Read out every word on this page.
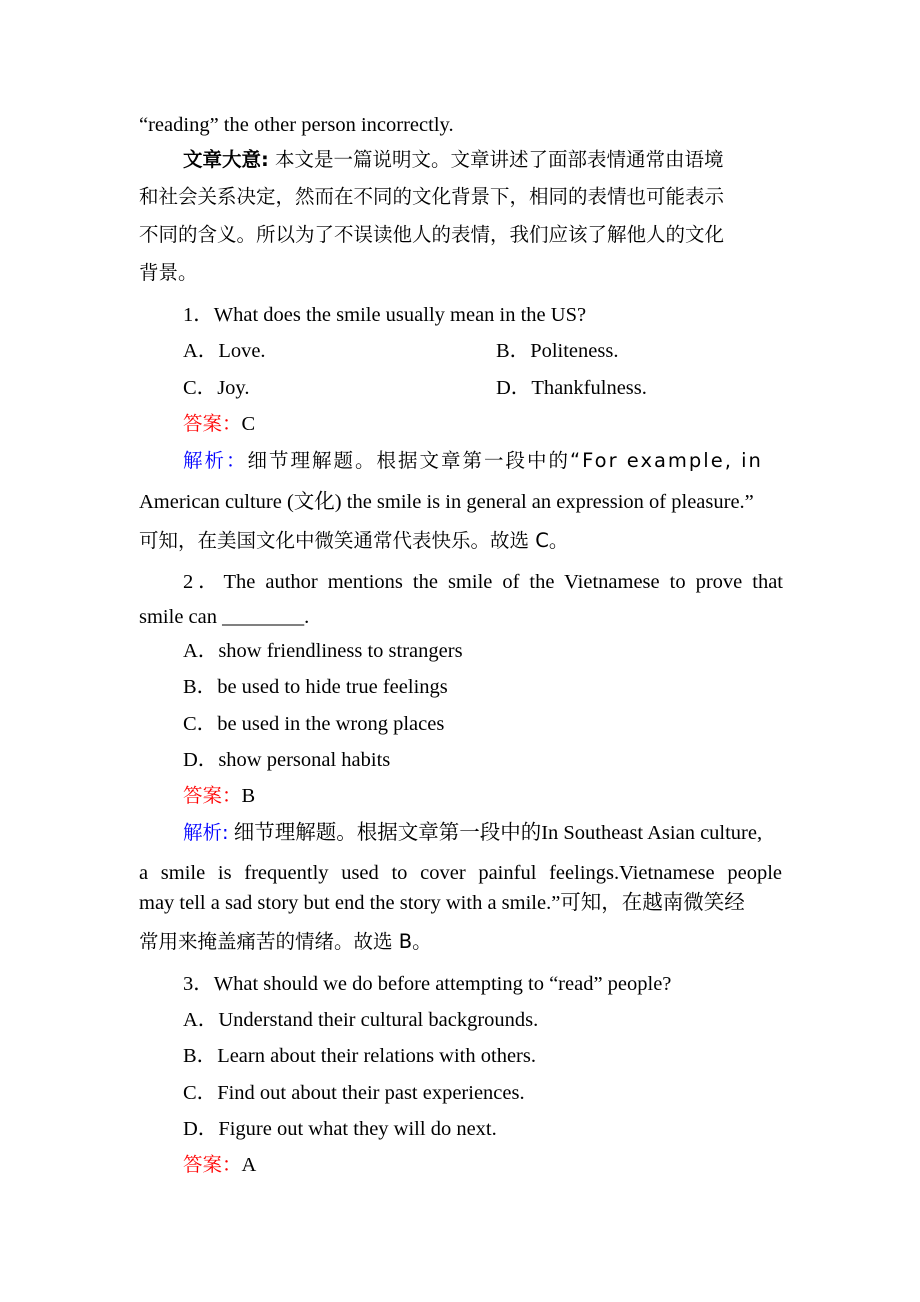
“reading” the other person incorrectly.
文章大意: 本文是一篇说明文。文章讲述了面部表情通常由语境
和社会关系决定，然而在不同的文化背景下，相同的表情也可能表示
不同的含义。所以为了不误读他人的表情，我们应该了解他人的文化
背景。
1．What does the smile usually mean in the US?
A．Love.	B．Politeness.
C．Joy.	D．Thankfulness.
答案：C
解析：细节理解题。根据文章第一段中的“For example, in
American culture (文化) the smile is in general an expression of pleasure.”
可知，在美国文化中微笑通常代表快乐。故选 C。
2．The author mentions the smile of the Vietnamese to prove that
smile can ________.
A．show friendliness to strangers
B．be used to hide true feelings
C．be used in the wrong places
D．show personal habits
答案：B
解析: 细节理解题。根据文章第一段中的In Southeast Asian culture,
a smile is frequently used to cover painful feelings.Vietnamese people
may tell a sad story but end the story with a smile.”可知，在越南微笑经
常用来掩盖痛苦的情绪。故选 B。
3．What should we do before attempting to “read” people?
A．Understand their cultural backgrounds.
B．Learn about their relations with others.
C．Find out about their past experiences.
D．Figure out what they will do next.
答案：A
